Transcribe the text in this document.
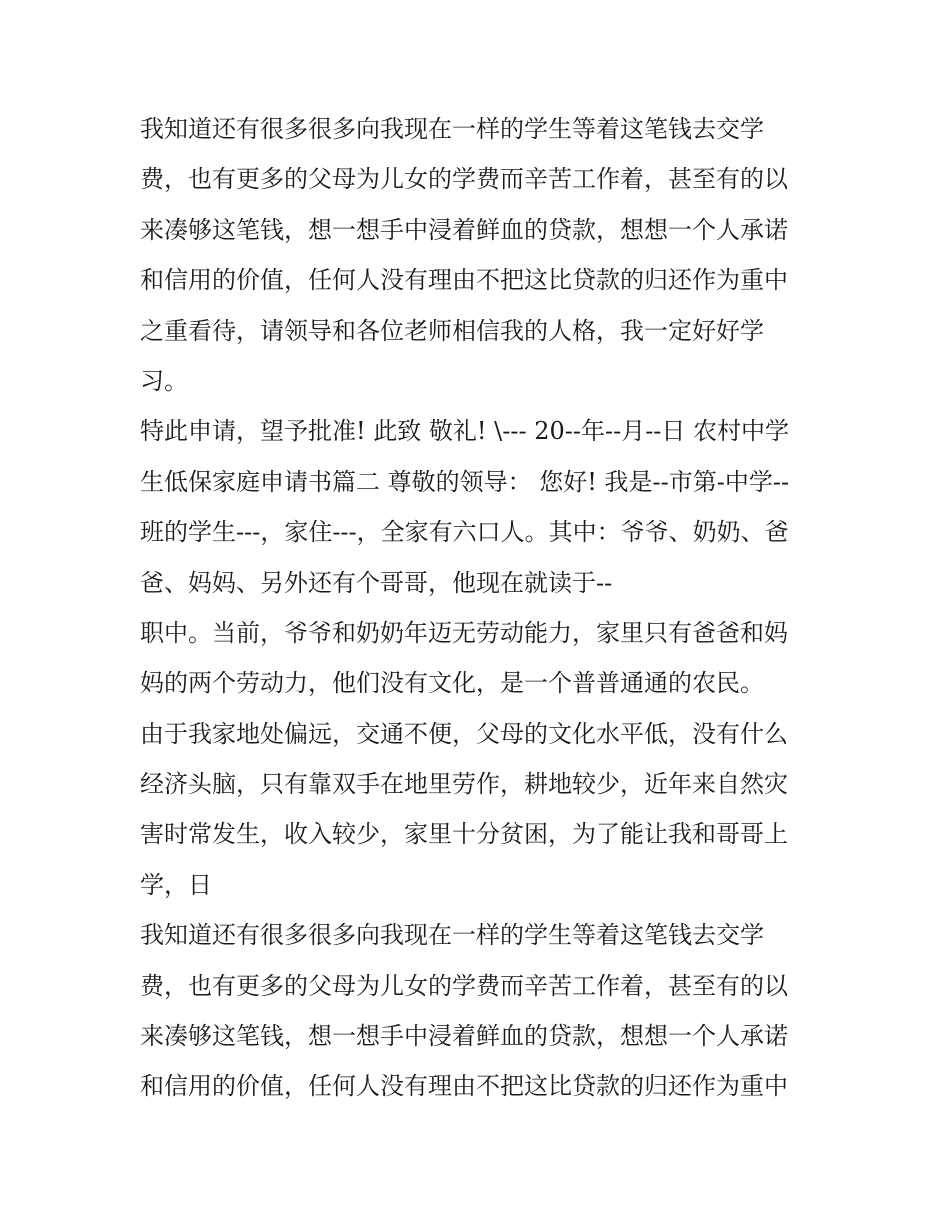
我知道还有很多很多向我现在一样的学生等着这笔钱去交学
费，也有更多的父母为儿女的学费而辛苦工作着，甚至有的以
来凑够这笔钱，想一想手中浸着鲜血的贷款，想想一个人承诺
和信用的价值，任何人没有理由不把这比贷款的归还作为重中
之重看待，请领导和各位老师相信我的人格，我一定好好学
习。
特此申请，望予批准! 此致 敬礼! \--- 20--年--月--日 农村中学
生低保家庭申请书篇二 尊敬的领导： 您好! 我是--市第-中学--
班的学生---，家住---，全家有六口人。其中：爷爷、奶奶、爸
爸、妈妈、另外还有个哥哥，他现在就读于--
职中。当前，爷爷和奶奶年迈无劳动能力，家里只有爸爸和妈
妈的两个劳动力，他们没有文化，是一个普普通通的农民。
由于我家地处偏远，交通不便，父母的文化水平低，没有什么
经济头脑，只有靠双手在地里劳作，耕地较少，近年来自然灾
害时常发生，收入较少，家里十分贫困，为了能让我和哥哥上
学，日
我知道还有很多很多向我现在一样的学生等着这笔钱去交学
费，也有更多的父母为儿女的学费而辛苦工作着，甚至有的以
来凑够这笔钱，想一想手中浸着鲜血的贷款，想想一个人承诺
和信用的价值，任何人没有理由不把这比贷款的归还作为重中
